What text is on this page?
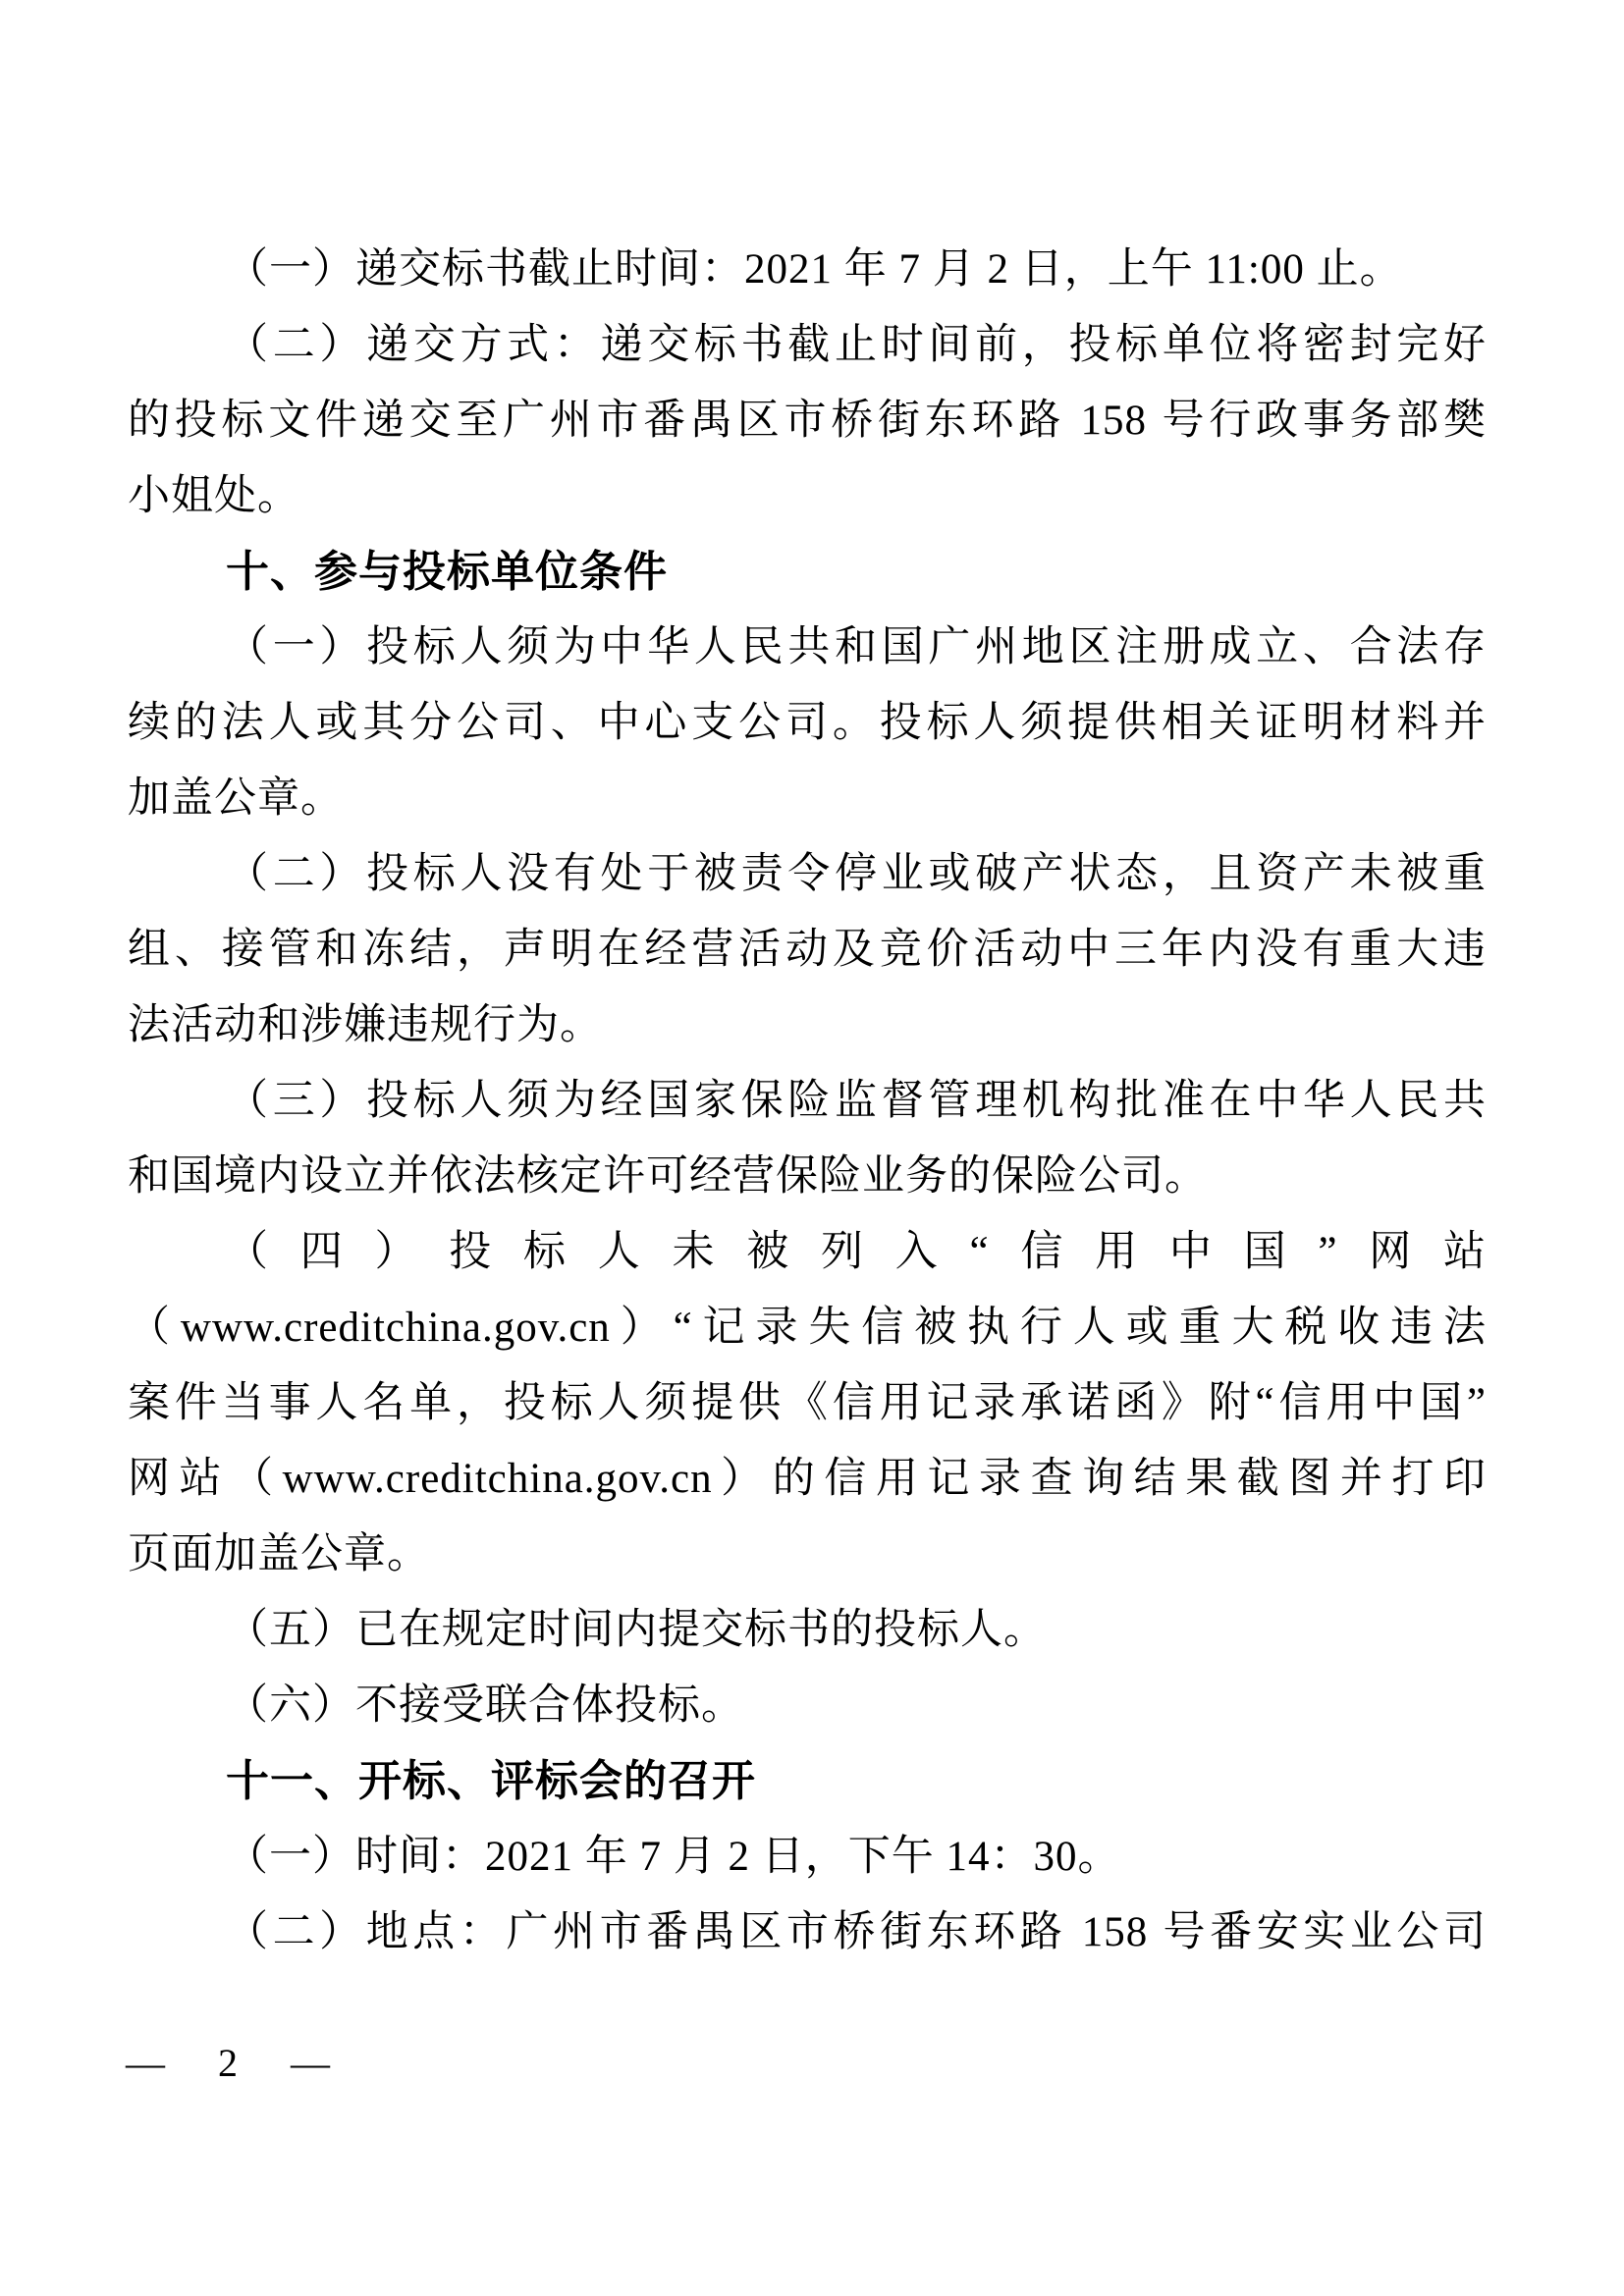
（一）递交标书截止时间：2021 年 7 月 2 日，上午 11:00 止。
（二）递交方式：递交标书截止时间前，投标单位将密封完好
的投标文件递交至广州市番禺区市桥街东环路 158 号行政事务部樊
小姐处。
十、参与投标单位条件
（一）投标人须为中华人民共和国广州地区注册成立、合法存
续的法人或其分公司、中心支公司。投标人须提供相关证明材料并
加盖公章。
（二）投标人没有处于被责令停业或破产状态，且资产未被重
组、接管和冻结，声明在经营活动及竞价活动中三年内没有重大违
法活动和涉嫌违规行为。
（三）投标人须为经国家保险监督管理机构批准在中华人民共
和国境内设立并依法核定许可经营保险业务的保险公司。
（四）投标人未被列入“信用中国”网站
（www.creditchina.gov.cn）“记录失信被执行人或重大税收违法
案件当事人名单，投标人须提供《信用记录承诺函》附“信用中国”
网站（www.creditchina.gov.cn）的信用记录查询结果截图并打印
页面加盖公章。
（五）已在规定时间内提交标书的投标人。
（六）不接受联合体投标。
十一、开标、评标会的召开
（一）时间：2021 年 7 月 2 日，下午 14：30。
（二）地点：广州市番禺区市桥街东环路 158 号番安实业公司
— 2 —
